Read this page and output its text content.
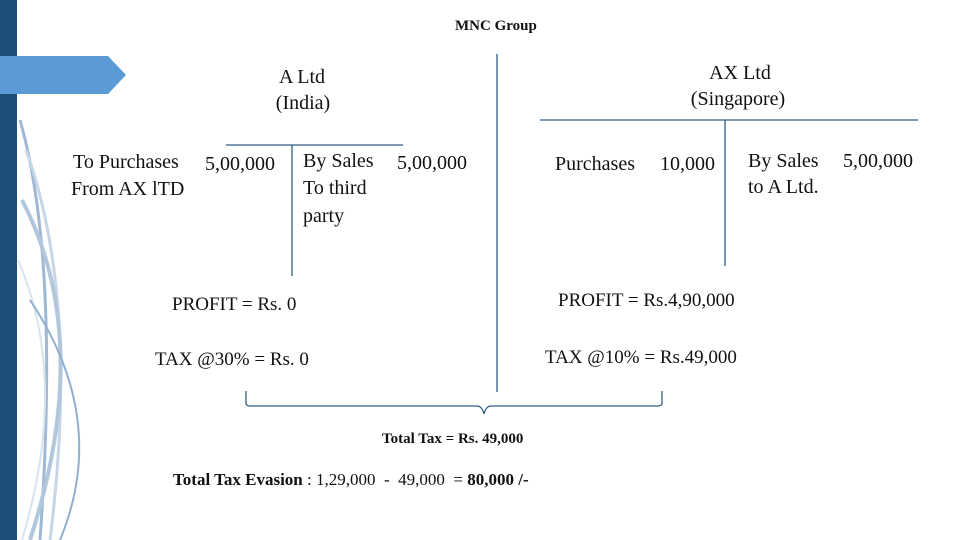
MNC Group
A Ltd
(India)
To Purchases
From AX lTD
5,00,000 By Sales
To third
party
5,00,000
PROFIT = Rs. 0
TAX @30% = Rs. 0
AX Ltd
(Singapore)
Purchases 10,000 By Sales
to A Ltd.
5,00,000
PROFIT = Rs.4,90,000
TAX @10% = Rs.49,000
Total Tax = Rs. 49,000
Total Tax Evasion : 1,29,000  -  49,000  = 80,000 /-
